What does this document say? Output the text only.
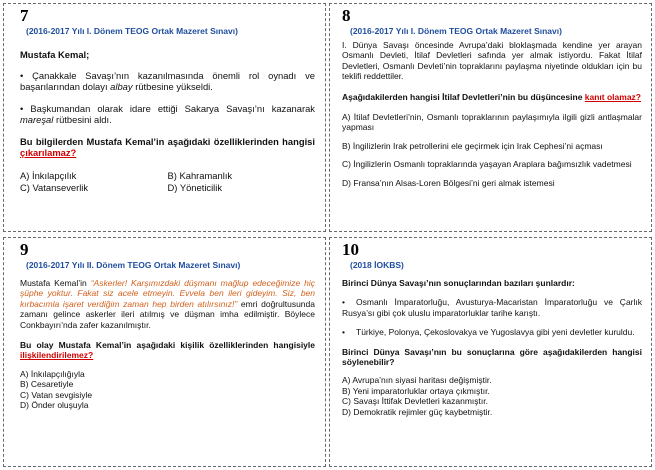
7
(2016-2017 Yılı I. Dönem TEOG Ortak Mazeret Sınavı)
Mustafa Kemal;

• Çanakkale Savaşı’nın kazanılmasında önemli rol oynadı ve başarılarından dolayı albay rütbesine yükseldi.

• Başkumandan olarak idare ettiği Sakarya Savaşı’nı kazanarak mareşal rütbesini aldı.

Bu bilgilerden Mustafa Kemal’in aşağıdaki özelliklerinden hangisi çıkarılamaz?

A) İnkılapçılık	B) Kahramanlık
C) Vatanseverlik	D) Yöneticilik
8
(2016-2017 Yılı I. Dönem TEOG Ortak Mazeret Sınavı)

I. Dünya Savaşı öncesinde Avrupa’daki bloklaşmada kendine yer arayan Osmanlı Devleti, İtilaf Devletleri safında yer almak istiyordu. Fakat İtilaf Devletleri, Osmanlı Devleti’nin topraklarını paylaşma niyetinde oldukları için bu teklifi reddettiler.

Aşağıdakilerden hangisi İtilaf Devletleri’nin bu düşüncesine kanıt olamaz?

A) İtilaf Devletleri’nin, Osmanlı topraklarının paylaşımıyla ilgili gizli antlaşmalar yapması

B) İngilizlerin Irak petrollerini ele geçirmek için Irak Cephesi’ni açması

C) İngilizlerin Osmanlı topraklarında yaşayan Araplara bağımsızlık vadetmesi

D) Fransa’nın Alsas-Loren Bölgesi’ni geri almak istemesi

9
(2016-2017 Yılı II. Dönem TEOG Ortak Mazeret Sınavı)

Mustafa Kemal’in “Askerler! Karşımızdaki düşmanı mağlup edeceğimize hiç şüphe yoktur. Fakat siz acele etmeyin. Evvela ben ileri gideyim. Siz, ben kırbacımla işaret verdiğim zaman hep birden atılırsınız!” emri doğrultusunda zamanı gelince askerler ileri atılmış ve düşman imha edilmiştir. Böylece Conkbayırı’nda zafer kazanılmıştır.

Bu olay Mustafa Kemal’in aşağıdaki kişilik özelliklerinden hangisiyle ilişkilendirilemez?

A) İnkılapçılığıyla
B) Cesaretiyle
C) Vatan sevgisiyle
D) Önder oluşuyla
10
(2018 İOKBS)

Birinci Dünya Savaşı’nın sonuçlarından bazıları şunlardır:

• Osmanlı İmparatorluğu, Avusturya-Macaristan İmparatorluğu ve Çarlık Rusya’sı gibi çok uluslu imparatorluklar tarihe karıştı.

• Türkiye, Polonya, Çekoslovakya ve Yugoslavya gibi yeni devletler kuruldu.

Birinci Dünya Savaşı’nın bu sonuçlarına göre aşağıdakilerden hangisi söylenebilir?

A) Avrupa’nın siyasi haritası değişmiştir.
B) Yeni imparatorluklar ortaya çıkmıştır.
C) Savaşı İttifak Devletleri kazanmıştır.
D) Demokratik rejimler güç kaybetmiştir.
